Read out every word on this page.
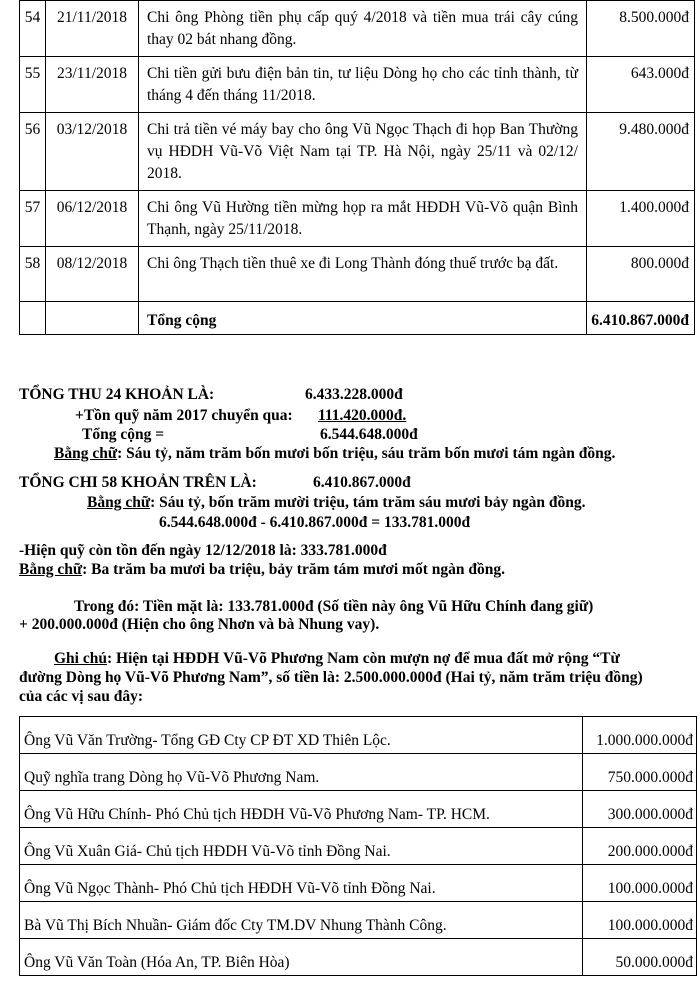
54	21/11/2018	Chi ông Phòng tiền phụ cấp quý 4/2018 và tiền mua trái cây cúng thay 02 bát nhang đồng.	8.500.000đ
55	23/11/2018	Chi tiền gửi bưu điện bản tin, tư liệu Dòng họ cho các tỉnh thành, từ tháng 4 đến tháng 11/2018.	643.000đ
56	03/12/2018	Chi trả tiền vé máy bay cho ông Vũ Ngọc Thạch đi họp Ban Thường vụ HĐDH Vũ-Võ Việt Nam tại TP. Hà Nội, ngày 25/11 và 02/12/ 2018.	9.480.000đ
57	06/12/2018	Chi ông Vũ Hường tiền mừng họp ra mắt HĐDH Vũ-Võ quận Bình Thạnh, ngày 25/11/2018.	1.400.000đ
58	08/12/2018	Chi ông Thạch tiền thuê xe đi Long Thành đóng thuế trước bạ đất.	800.000đ
		Tổng cộng	6.410.867.000đ
TỔNG THU 24 KHOẢN LÀ:	6.433.228.000đ
+Tồn quỹ năm 2017 chuyển qua: 111.420.000đ.
Tổng cộng =	6.544.648.000đ
Bằng chữ: Sáu tỷ, năm trăm bốn mươi bốn triệu, sáu trăm bốn mươi tám ngàn đồng.
TỔNG CHI 58 KHOẢN TRÊN LÀ:	6.410.867.000đ
Bằng chữ: Sáu tỷ, bốn trăm mười triệu, tám trăm sáu mươi bảy ngàn đồng.
6.544.648.000đ - 6.410.867.000đ = 133.781.000đ
-Hiện quỹ còn tồn đến ngày 12/12/2018 là: 333.781.000đ
Bằng chữ: Ba trăm ba mươi ba triệu, bảy trăm tám mươi mốt ngàn đồng.
Trong đó: Tiền mặt là: 133.781.000đ (Số tiền này ông Vũ Hữu Chính đang giữ)
+ 200.000.000đ (Hiện cho ông Nhơn và bà Nhung vay).
Ghi chú: Hiện tại HĐDH Vũ-Võ Phương Nam còn mượn nợ để mua đất mở rộng “Từ
đường Dòng họ Vũ-Võ Phương Nam”, số tiền là: 2.500.000.000đ (Hai tỷ, năm trăm triệu đồng)
của các vị sau đây:
Ông Vũ Văn Trường- Tổng GĐ Cty CP ĐT XD Thiên Lộc.	1.000.000.000đ
Quỹ nghĩa trang Dòng họ Vũ-Võ Phương Nam.	750.000.000đ
Ông Vũ Hữu Chính- Phó Chủ tịch HĐDH Vũ-Võ Phương Nam- TP. HCM.	300.000.000đ
Ông Vũ Xuân Giá- Chủ tịch HĐDH Vũ-Võ tỉnh Đồng Nai.	200.000.000đ
Ông Vũ Ngọc Thành- Phó Chủ tịch HĐDH Vũ-Võ tỉnh Đồng Nai.	100.000.000đ
Bà Vũ Thị Bích Nhuần- Giám đốc Cty TM.DV Nhung Thành Công.	100.000.000đ
Ông Vũ Văn Toàn (Hóa An, TP. Biên Hòa)	50.000.000đ
